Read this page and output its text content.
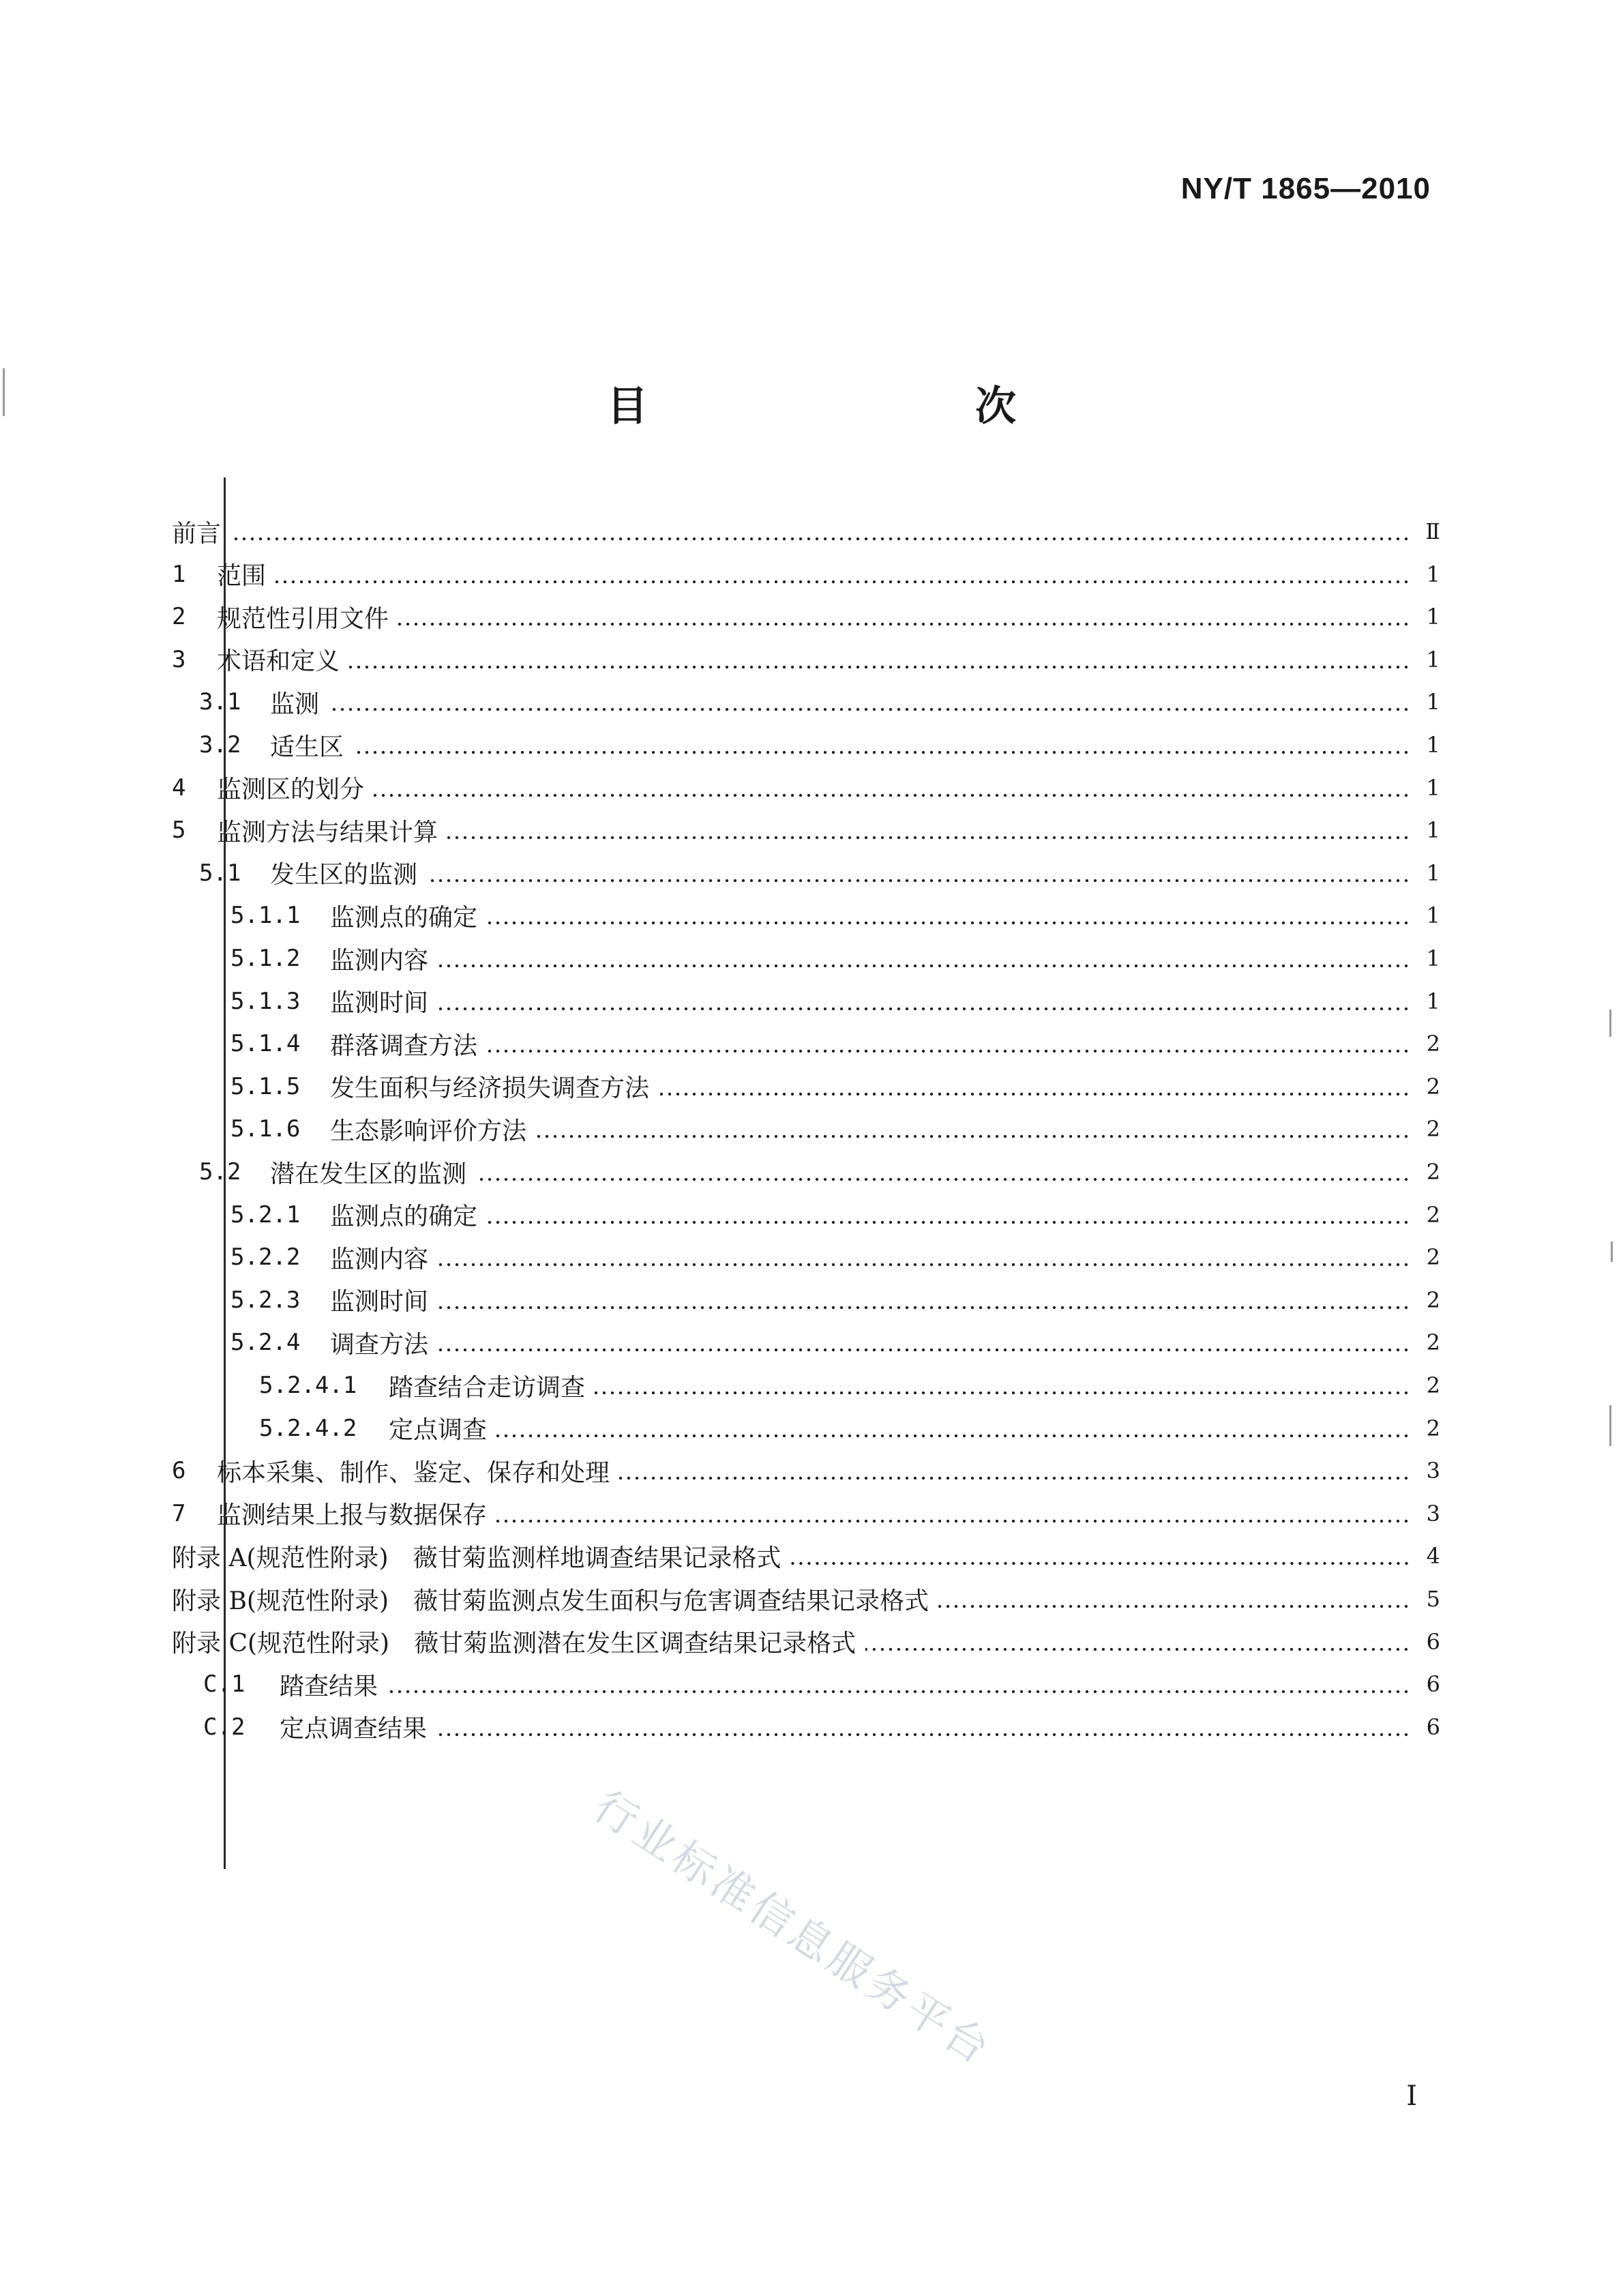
NY/T 1865—2010
目　　次
前言	Ⅱ
1	范围	1
2	规范性引用文件	1
3	术语和定义	1
3.1	监测	1
3.2	适生区	1
4	监测区的划分	1
5	监测方法与结果计算	1
5.1	发生区的监测	1
5.1.1	监测点的确定	1
5.1.2	监测内容	1
5.1.3	监测时间	1
5.1.4	群落调查方法	2
5.1.5	发生面积与经济损失调查方法	2
5.1.6	生态影响评价方法	2
5.2	潜在发生区的监测	2
5.2.1	监测点的确定	2
5.2.2	监测内容	2
5.2.3	监测时间	2
5.2.4	调查方法	2
5.2.4.1	踏查结合走访调查	2
5.2.4.2	定点调查	2
6	标本采集、制作、鉴定、保存和处理	3
7	监测结果上报与数据保存	3
附录 A(规范性附录)　薇甘菊监测样地调查结果记录格式	4
附录 B(规范性附录)　薇甘菊监测点发生面积与危害调查结果记录格式	5
附录 C(规范性附录)　薇甘菊监测潜在发生区调查结果记录格式	6
C.1	踏查结果	6
C.2	定点调查结果	6
行业标准信息服务平台
I
